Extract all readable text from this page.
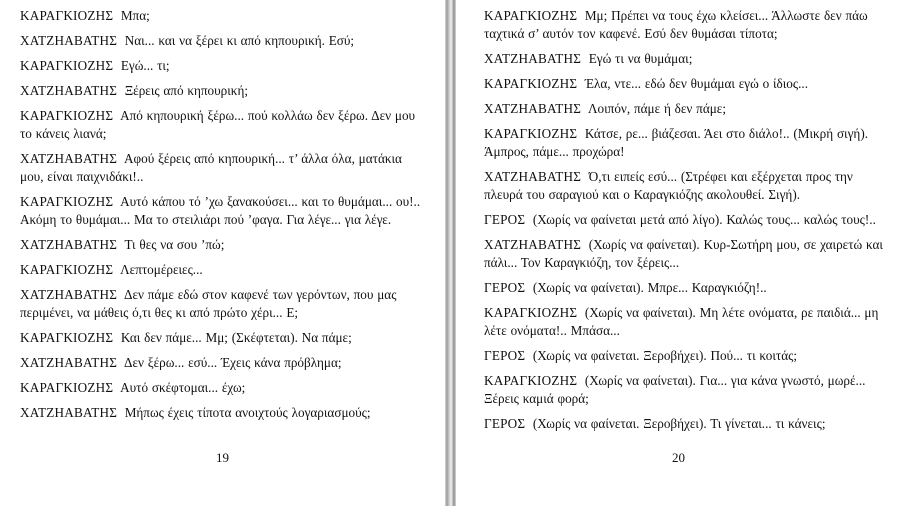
ΚΑΡΑΓΚΙΟΖΗΣ Μπα;

ΧΑΤΖΗΑΒΑΤΗΣ Ναι... και να ξέρει κι από κηπουρική. Εσύ;

ΚΑΡΑΓΚΙΟΖΗΣ Εγώ... τι;

ΧΑΤΖΗΑΒΑΤΗΣ Ξέρεις από κηπουρική;

ΚΑΡΑΓΚΙΟΖΗΣ Από κηπουρική ξέρω... πού κολλάω δεν ξέρω. Δεν μου το κάνεις λιανά;

ΧΑΤΖΗΑΒΑΤΗΣ Αφού ξέρεις από κηπουρική... τ’ άλλα όλα, ματάκια μου, είναι παιχνιδάκι!..

ΚΑΡΑΓΚΙΟΖΗΣ Αυτό κάπου τό ’χω ξανακούσει... και το θυμάμαι... ου!.. Ακόμη το θυμάμαι... Μα το στειλιάρι πού ’φαγα. Για λέγε... για λέγε.

ΧΑΤΖΗΑΒΑΤΗΣ Τι θες να σου ’πώ;

ΚΑΡΑΓΚΙΟΖΗΣ Λεπτομέρειες...

ΧΑΤΖΗΑΒΑΤΗΣ Δεν πάμε εδώ στον καφενέ των γερόντων, που μας περιμένει, να μάθεις ό,τι θες κι από πρώτο χέρι... Ε;

ΚΑΡΑΓΚΙΟΖΗΣ Και δεν πάμε... Μμ; (Σκέφτεται). Να πάμε;

ΧΑΤΖΗΑΒΑΤΗΣ Δεν ξέρω... εσύ... Έχεις κάνα πρόβλημα;

ΚΑΡΑΓΚΙΟΖΗΣ Αυτό σκέφτομαι... έχω;

ΧΑΤΖΗΑΒΑΤΗΣ Μήπως έχεις τίποτα ανοιχτούς λογαριασμούς;

19

ΚΑΡΑΓΚΙΟΖΗΣ Μμ; Πρέπει να τους έχω κλείσει... Άλλωστε δεν πάω ταχτικά σ’ αυτόν τον καφενέ. Εσύ δεν θυμάσαι τίποτα;

ΧΑΤΖΗΑΒΑΤΗΣ Εγώ τι να θυμάμαι;

ΚΑΡΑΓΚΙΟΖΗΣ Έλα, ντε... εδώ δεν θυμάμαι εγώ ο ίδιος...

ΧΑΤΖΗΑΒΑΤΗΣ Λοιπόν, πάμε ή δεν πάμε;

ΚΑΡΑΓΚΙΟΖΗΣ Κάτσε, ρε... βιάζεσαι. Άει στο διάλο!.. (Μικρή σιγή). Άμπρος, πάμε... προχώρα!

ΧΑΤΖΗΑΒΑΤΗΣ Ό,τι ειπείς εσύ... (Στρέφει και εξέρχεται προς την πλευρά του σαραγιού και ο Καραγκιόζης ακολουθεί. Σιγή).

ΓΕΡΟΣ (Χωρίς να φαίνεται μετά από λίγο). Καλώς τους... καλώς τους!..

ΧΑΤΖΗΑΒΑΤΗΣ (Χωρίς να φαίνεται). Κυρ-Σωτήρη μου, σε χαιρετώ και πάλι... Τον Καραγκιόζη, τον ξέρεις...

ΓΕΡΟΣ (Χωρίς να φαίνεται). Μπρε... Καραγκιόζη!..

ΚΑΡΑΓΚΙΟΖΗΣ (Χωρίς να φαίνεται). Μη λέτε ονόματα, ρε παιδιά... μη λέτε ονόματα!.. Μπάσα...

ΓΕΡΟΣ (Χωρίς να φαίνεται. Ξεροβήχει). Πού... τι κοιτάς;

ΚΑΡΑΓΚΙΟΖΗΣ (Χωρίς να φαίνεται). Για... για κάνα γνωστό, μωρέ... Ξέρεις καμιά φορά;

ΓΕΡΟΣ (Χωρίς να φαίνεται. Ξεροβήχει). Τι γίνεται... τι κάνεις;

20
